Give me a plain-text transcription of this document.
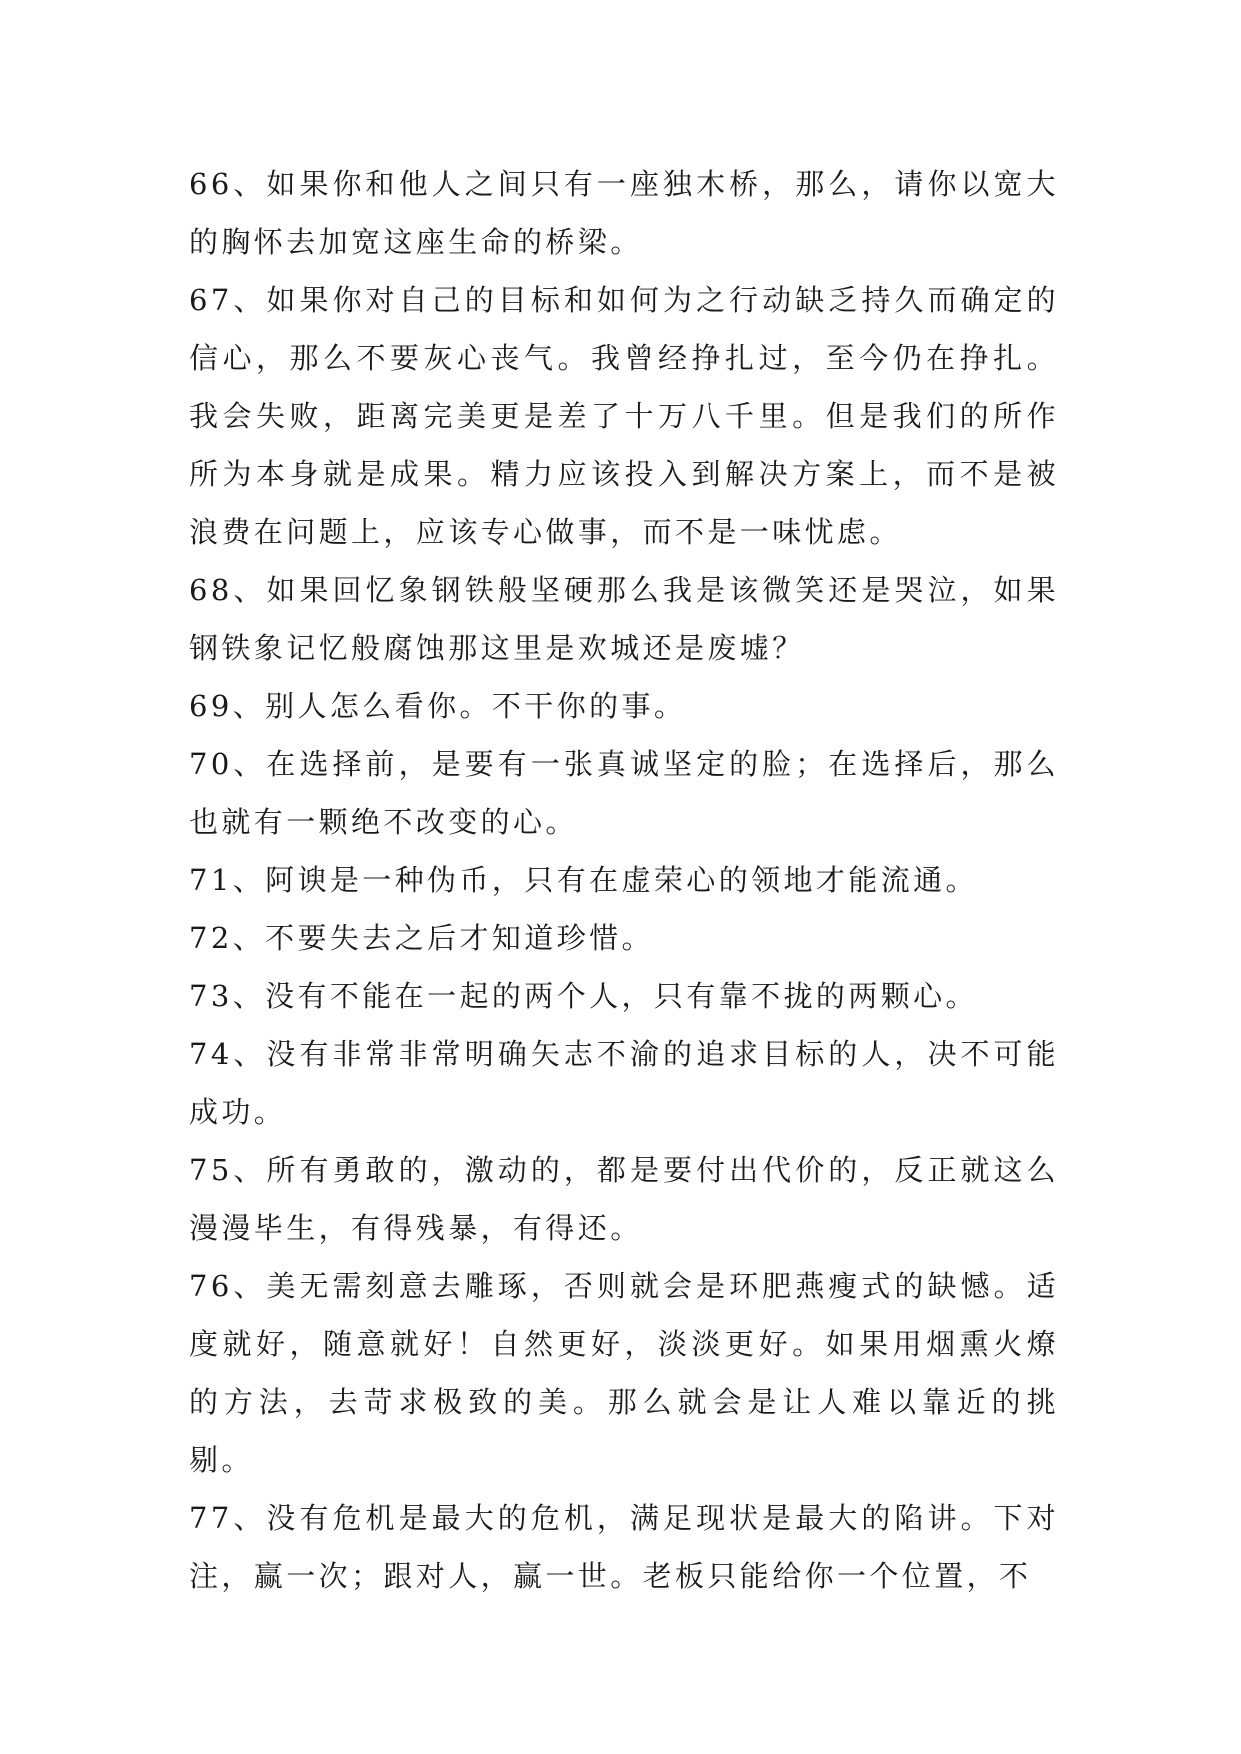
66、如果你和他人之间只有一座独木桥，那么，请你以宽大的胸怀去加宽这座生命的桥梁。

67、如果你对自己的目标和如何为之行动缺乏持久而确定的信心，那么不要灰心丧气。我曾经挣扎过，至今仍在挣扎。我会失败，距离完美更是差了十万八千里。但是我们的所作所为本身就是成果。精力应该投入到解决方案上，而不是被浪费在问题上，应该专心做事，而不是一味忧虑。

68、如果回忆象钢铁般坚硬那么我是该微笑还是哭泣，如果钢铁象记忆般腐蚀那这里是欢城还是废墟？

69、别人怎么看你。不干你的事。

70、在选择前，是要有一张真诚坚定的脸；在选择后，那么也就有一颗绝不改变的心。

71、阿谀是一种伪币，只有在虚荣心的领地才能流通。

72、不要失去之后才知道珍惜。

73、没有不能在一起的两个人，只有靠不拢的两颗心。

74、没有非常非常明确矢志不渝的追求目标的人，决不可能成功。

75、所有勇敢的，激动的，都是要付出代价的，反正就这么漫漫毕生，有得残暴，有得还。

76、美无需刻意去雕琢，否则就会是环肥燕瘦式的缺憾。适度就好，随意就好！自然更好，淡淡更好。如果用烟熏火燎的方法，去苛求极致的美。那么就会是让人难以靠近的挑剔。

77、没有危机是最大的危机，满足现状是最大的陷讲。下对注，赢一次；跟对人，赢一世。老板只能给你一个位置，不
